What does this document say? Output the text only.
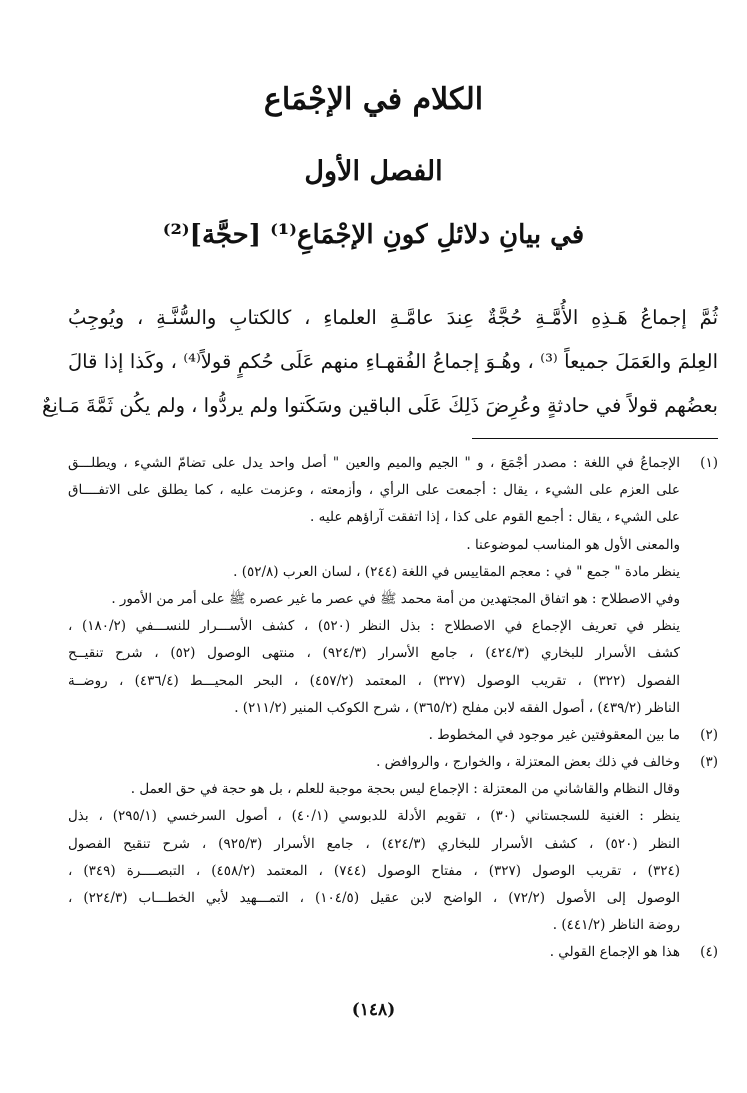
الكلام في الإجْمَاع
الفصل الأول
في بيانِ دلائلِ كونِ الإجْمَاعِ⁽¹⁾ [حجَّة]⁽²⁾
ثُمَّ إجماعُ هَـذِهِ الأُمَّـةِ حُجَّةٌ عِندَ عامَّـةِ العلماءِ ، كالكتابِ والسُّنَّـةِ ، ويُوجِبُ
العِلمَ والعَمَلَ جميعاً ⁽³⁾ ، وهُـوَ إجماعُ الفُقهـاءِ منهم عَلَى حُكمٍ قولاً⁽⁴⁾ ، وكَذا إذا قالَ
بعضُهم قولاً في حادثةٍ وعُرِضَ ذَلِكَ عَلَى الباقين وسَكَتوا ولم يردُّوا ، ولم يكُن ثَمَّةَ مَـانِعٌ
(١)
الإجماعُ في اللغة : مصدر أجْمَعَ ، و " الجيم والميم والعين " أصل واحد يدل على تضامّ الشيء ، ويطلـــق
على العزم على الشيء ، يقال : أجمعت على الرأي ، وأزمعته ، وعزمت عليه ، كما يطلق على الاتفــــاق
على الشيء ، يقال : أجمع القوم على كذا ، إذا اتفقت آراؤهم عليه .
والمعنى الأول هو المناسب لموضوعنا .
ينظر مادة " جمع " في : معجم المقاييس في اللغة (٢٤٤) ، لسان العرب (٥٢/٨) .
وفي الاصطلاح : هو اتفاق المجتهدين من أمة محمد ﷺ في عصر ما غير عصره ﷺ على أمر من الأمور .
ينظر في تعريف الإجماع في الاصطلاح : بذل النظر (٥٢٠) ، كشف الأســـرار للنســـفي (١٨٠/٢) ،
كشف الأسرار للبخاري (٤٢٤/٣) ، جامع الأسرار (٩٢٤/٣) ، منتهى الوصول (٥٢) ، شرح تنقيــح
الفصول (٣٢٢) ، تقريب الوصول (٣٢٧) ، المعتمد (٤٥٧/٢) ، البحر المحيـــط (٤٣٦/٤) ، روضــة
الناظر (٤٣٩/٢) ، أصول الفقه لابن مفلح (٣٦٥/٢) ، شرح الكوكب المنير (٢١١/٢) .
(٢)
ما بين المعقوفتين غير موجود في المخطوط .
(٣)
وخالف في ذلك بعض المعتزلة ، والخوارج ، والروافض .
وقال النظام والقاشاني من المعتزلة : الإجماع ليس بحجة موجبة للعلم ، بل هو حجة في حق العمل .
ينظر : الغنية للسجستاني (٣٠) ، تقويم الأدلة للدبوسي (٤٠/١) ، أصول السرخسي (٢٩٥/١) ، بذل
النظر (٥٢٠) ، كشف الأسرار للبخاري (٤٢٤/٣) ، جامع الأسرار (٩٢٥/٣) ، شرح تنقيح الفصول
(٣٢٤) ، تقريب الوصول (٣٢٧) ، مفتاح الوصول (٧٤٤) ، المعتمد (٤٥٨/٢) ، التبصــــرة (٣٤٩) ،
الوصول إلى الأصول (٧٢/٢) ، الواضح لابن عقيل (١٠٤/٥) ، التمـــهيد لأبي الخطـــاب (٢٢٤/٣) ،
روضة الناظر (٤٤١/٢) .
(٤)
هذا هو الإجماع القولي .
(١٤٨)
